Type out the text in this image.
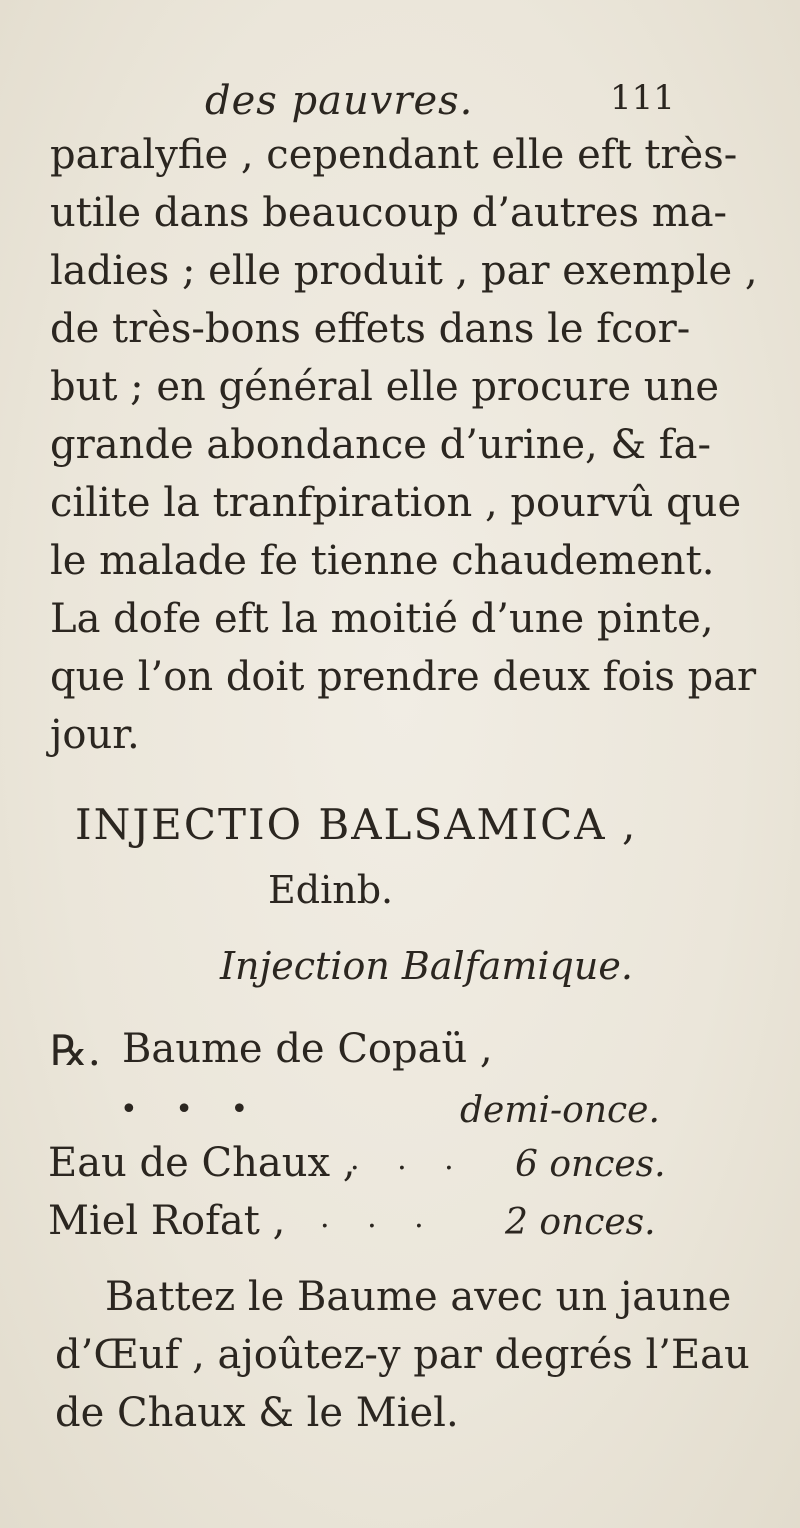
des pauvres.	111
paralyfie , cependant elle eft très-
utile dans beaucoup d’autres ma-
ladies ; elle produit , par exemple ,
de très-bons effets dans le fcor-
but ; en général elle procure une
grande abondance d’urine, & fa-
cilite la tranfpiration , pourvû que
le malade fe tienne chaudement.
La dofe eft la moitié d’une pinte,
que l’on doit prendre deux fois par
jour.
INJECTIO BALSAMICA ,
Edinb.
Injection Balfamique.
℞. Baume de Copaü ,
• • •	demi-once.
Eau de Chaux ,
. . . 6 onces.
Miel Rofat , . . . 2 onces.
Battez le Baume avec un jaune
d’Œuf , ajoûtez-y par degrés l’Eau
de Chaux & le Miel.
